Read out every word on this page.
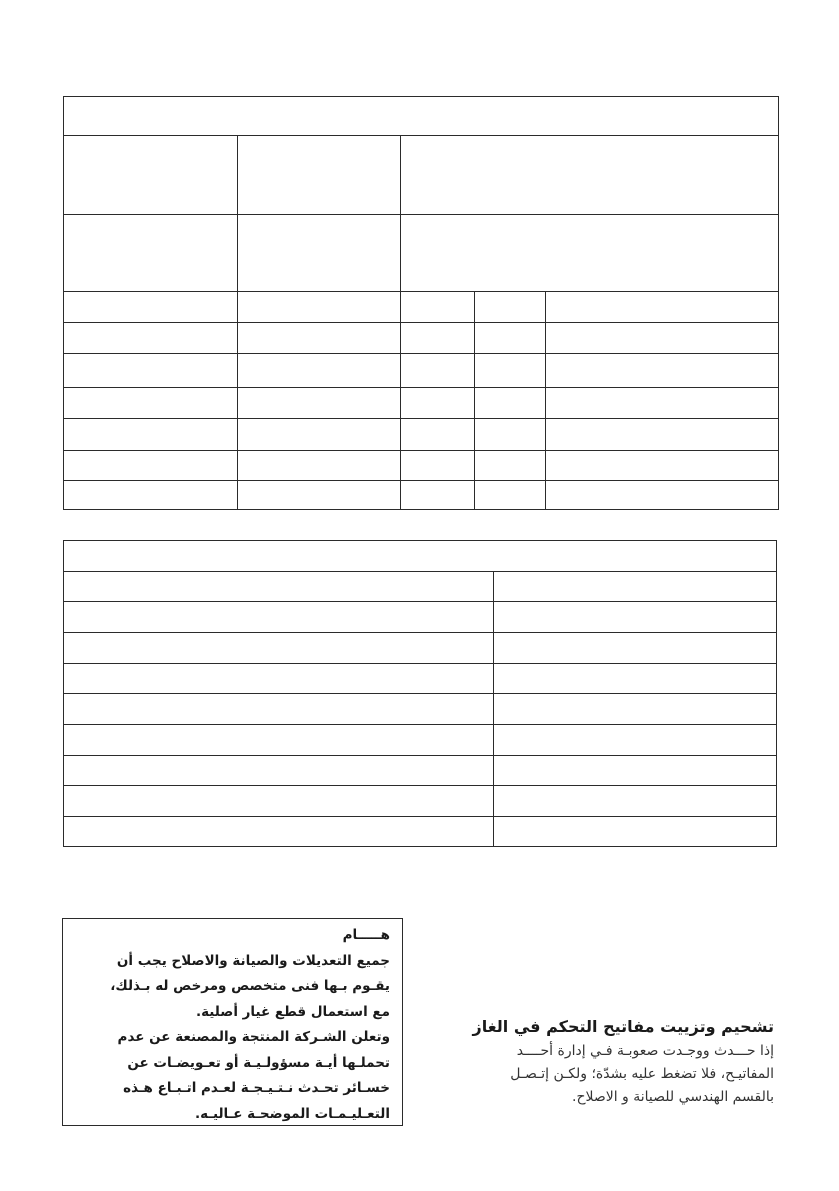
هـــــام
جميع التعديلات والصيانة والاصلاح يجب أن
يقـوم بـها فنى متخصص ومرخص له بـذلك،
مع استعمال قطع غيار أصلية.
وتعلن الشـركة المنتجة والمصنعة عن عدم
تحملـها أيـة مسؤولـيـة أو تعـويضـات عن
خسـائر تحـدث نـتـيـجـة لعـدم اتـبـاع هـذه
التعـليـمـات الموضحـة عـاليـه.
تشحيم وتزييت مفاتيح التحكم في الغاز
إذا حـــدث ووجـدت صعوبـة فـي إدارة أحــــد
المفاتيـح، فلا تضغط عليه بشدّة؛ ولكـن إتـصـل
بالقسم الهندسي للصيانة و الاصلاح.
